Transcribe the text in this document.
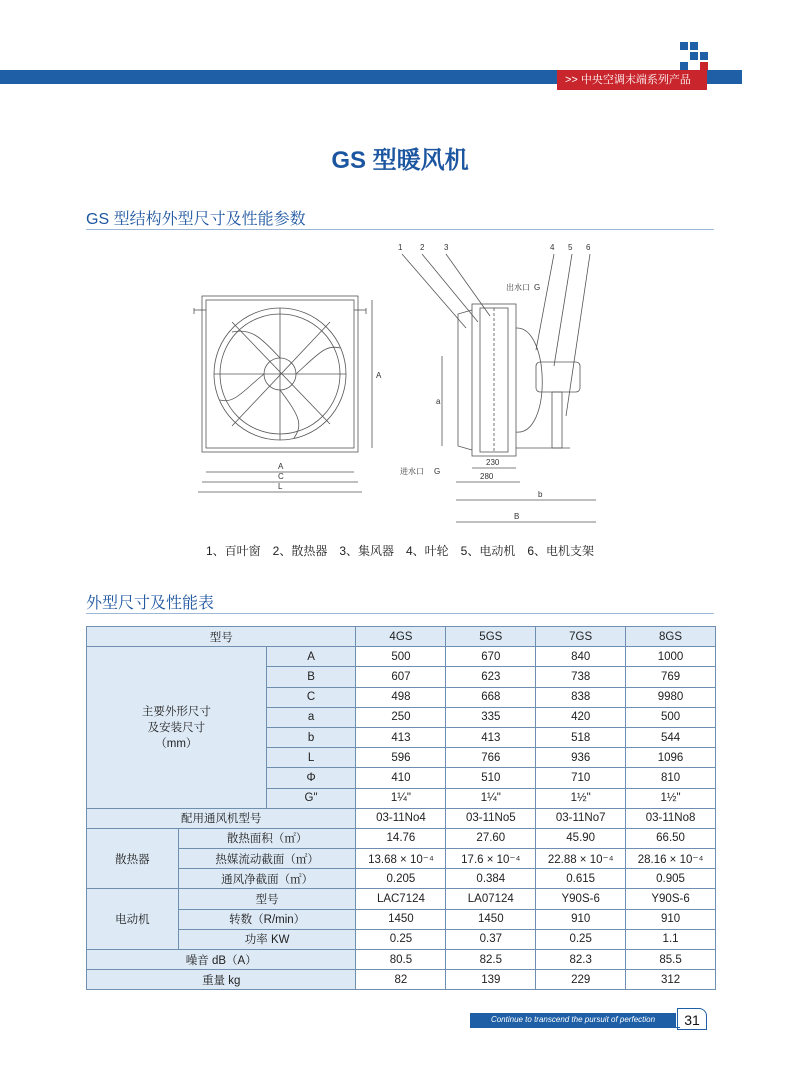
>> 中央空调末端系列产品
GS 型暖风机
GS 型结构外型尺寸及性能参数
1 2 3	4 5 6
出水口 G
进水口 G
230
280
b
B
a
A
A
C
L
1、百叶窗　2、散热器　3、集风器　4、叶轮　5、电动机　6、电机支架
外型尺寸及性能表
型号			4GS	5GS	7GS	8GS

主要外形尺寸
及安装尺寸
（mm）		A	500	670	840	1000
		B	607	623	738	769
		C	498	668	838	9980
		a	250	335	420	500
		b	413	413	518	544
		L	596	766	936	1096
		Φ	410	510	710	810
		G"	1¼"	1¼"	1½"	1½"
配用通风机型号			03-11No4	03-11No5	03-11No7	03-11No8
散热器	散热面积（㎡）		14.76	27.60	45.90	66.50
	热媒流动截面（㎡）		13.68 × 10⁻⁴	17.6 × 10⁻⁴	22.88 × 10⁻⁴	28.16 × 10⁻⁴
	通风净截面（㎡）		0.205	0.384	0.615	0.905
电动机	型号		LAC7124	LA07124	Y90S-6	Y90S-6
	转数（R/min）		1450	1450	910	910
	功率 KW		0.25	0.37	0.25	1.1
噪音 dB（A）			80.5	82.5	82.3	85.5
重量 kg			82	139	229	312
Continue to transcend the pursuit of perfection	31
